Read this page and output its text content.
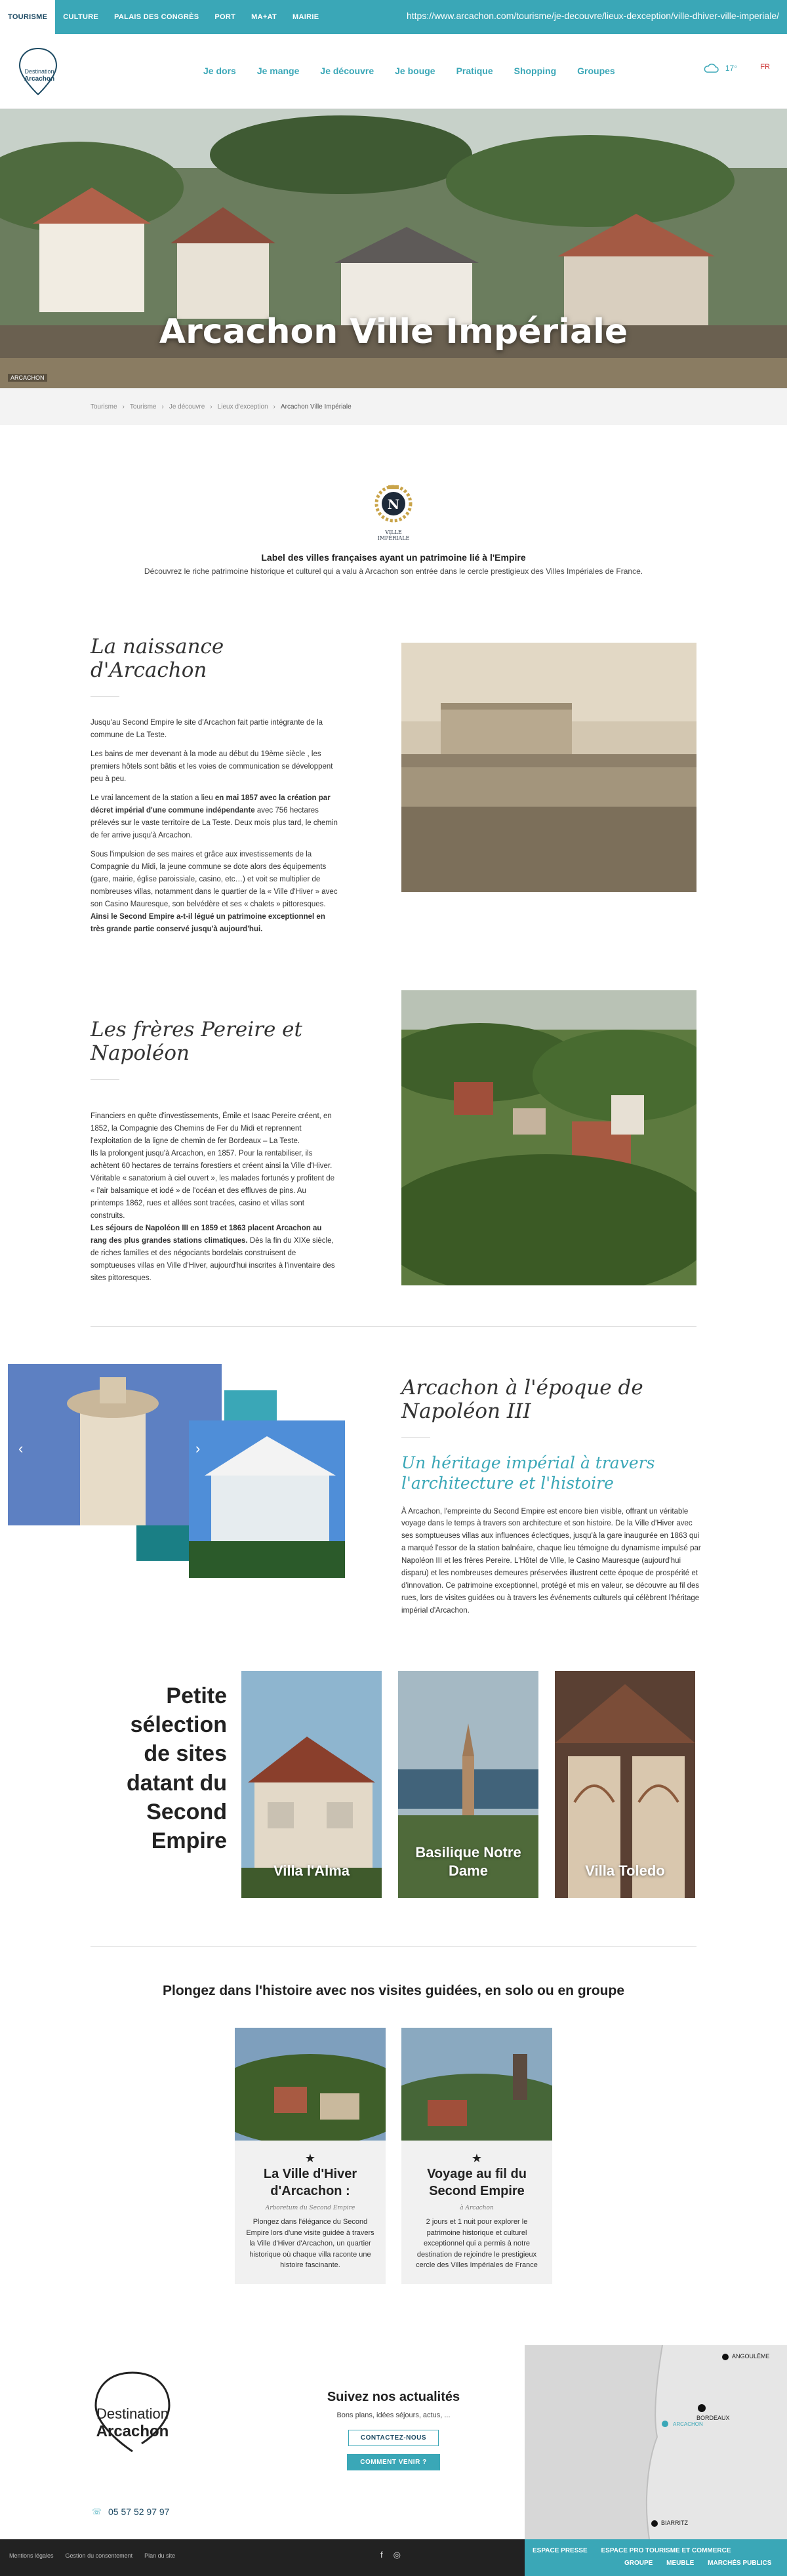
TOURISME	CULTURE	PALAIS DES CONGRÈS	PORT	MA+AT	MAIRIE	https://www.arcachon.com/tourisme/je-decouvre/lieux-dexception/ville-dhiver-ville-imperiale/
Destination
Arcachon
Je dors Je mange Je découvre Je bouge Pratique Shopping Groupes	17°	FR
Arcachon Ville Impériale
ARCACHON
Tourisme › Tourisme › Je découvre › Lieux d'exception › Arcachon Ville Impériale
N
VILLE
IMPÉRIALE
Label des villes françaises ayant un patrimoine lié à l'Empire

Découvrez le riche patrimoine historique et culturel qui a valu à Arcachon son entrée dans le cercle prestigieux des Villes Impériales de France.

La naissance d'Arcachon

Jusqu'au Second Empire le site d'Arcachon fait partie intégrante de la commune de La Teste.

Les bains de mer devenant à la mode au début du 19ème siècle , les premiers hôtels sont bâtis et les voies de communication se développent peu à peu.

Le vrai lancement de la station a lieu en mai 1857 avec la création par décret impérial d'une commune indépendante avec 756 hectares prélevés sur le vaste territoire de La Teste. Deux mois plus tard, le chemin de fer arrive jusqu'à Arcachon.

Sous l'impulsion de ses maires et grâce aux investissements de la Compagnie du Midi, la jeune commune se dote alors des équipements (gare, mairie, église paroissiale, casino, etc…) et voit se multiplier de nombreuses villas, notamment dans le quartier de la « Ville d'Hiver » avec son Casino Mauresque, son belvédère et ses « chalets » pittoresques.

Ainsi le Second Empire a-t-il légué un patrimoine exceptionnel en très grande partie conservé jusqu'à aujourd'hui.

Les frères Pereire et Napoléon

Financiers en quête d'investissements, Émile et Isaac Pereire créent, en 1852, la Compagnie des Chemins de Fer du Midi et reprennent l'exploitation de la ligne de chemin de fer Bordeaux – La Teste.

Ils la prolongent jusqu'à Arcachon, en 1857. Pour la rentabiliser, ils achètent 60 hectares de terrains forestiers et créent ainsi la Ville d'Hiver. Véritable « sanatorium à ciel ouvert », les malades fortunés y profitent de « l'air balsamique et iodé » de l'océan et des effluves de pins. Au printemps 1862, rues et allées sont tracées, casino et villas sont construits.

Les séjours de Napoléon III en 1859 et 1863 placent Arcachon au rang des plus grandes stations climatiques. Dès la fin du XIXe siècle, de riches familles et des négociants bordelais construisent de somptueuses villas en Ville d'Hiver, aujourd'hui inscrites à l'inventaire des sites pittoresques.

‹	›
Arcachon à l'époque de Napoléon III
Un héritage impérial à travers l'architecture et l'histoire

À Arcachon, l'empreinte du Second Empire est encore bien visible, offrant un véritable voyage dans le temps à travers son architecture et son histoire. De la Ville d'Hiver avec ses somptueuses villas aux influences éclectiques, jusqu'à la gare inaugurée en 1863 qui a marqué l'essor de la station balnéaire, chaque lieu témoigne du dynamisme impulsé par Napoléon III et les frères Pereire. L'Hôtel de Ville, le Casino Mauresque (aujourd'hui disparu) et les nombreuses demeures préservées illustrent cette époque de prospérité et d'innovation. Ce patrimoine exceptionnel, protégé et mis en valeur, se découvre au fil des rues, lors de visites guidées ou à travers les événements culturels qui célèbrent l'héritage impérial d'Arcachon.

Petite sélection de sites datant du Second Empire
Villa l'Alma
Basilique Notre Dame	Villa Toledo
Plongez dans l'histoire avec nos visites guidées, en solo ou en groupe
★
La Ville d'Hiver d'Arcachon :
Arboretum du Second Empire
Plongez dans l'élégance du Second Empire lors d'une visite guidée à travers la Ville d'Hiver d'Arcachon, un quartier historique où chaque villa raconte une histoire fascinante.
★
Voyage au fil du Second Empire
à Arcachon
2 jours et 1 nuit pour explorer le patrimoine historique et culturel exceptionnel qui a permis à notre destination de rejoindre le prestigieux cercle des Villes Impériales de France
Destination
Arcachon
☏ 05 57 52 97 97
Suivez nos actualités
Bons plans, idées séjours, actus, ...
CONTACTEZ-NOUS
COMMENT VENIR ?
ANGOULÊME
BORDEAUX
ARCACHON
BIARRITZ
Mentions légales Gestion du consentement Plan du site	f ◎	ESPACE PRESSE ESPACE PRO TOURISME ET COMMERCE
GROUPE MEUBLE MARCHÉS PUBLICS
